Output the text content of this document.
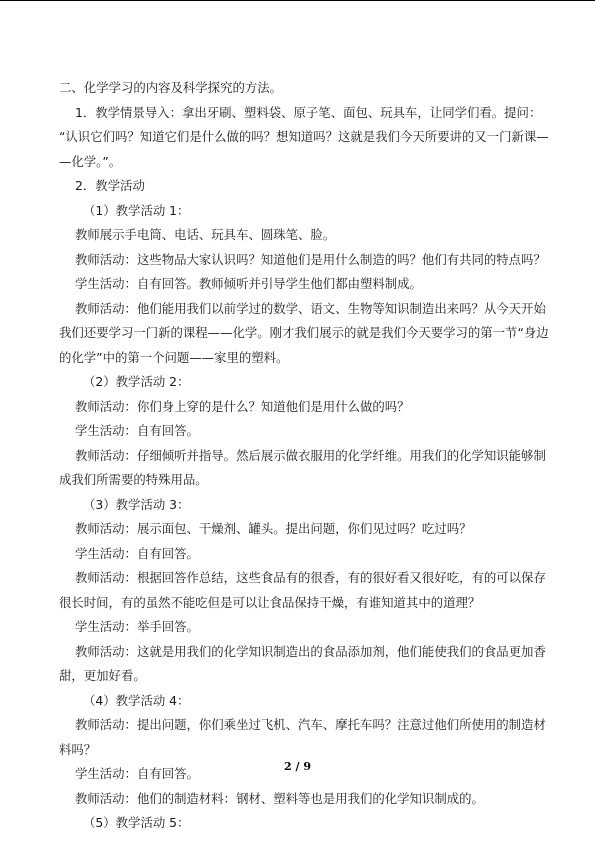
二、化学学习的内容及科学探究的方法。
1．教学情景导入：拿出牙刷、塑料袋、原子笔、面包、玩具车，让同学们看。提问：
“认识它们吗？知道它们是什么做的吗？想知道吗？这就是我们今天所要讲的又一门新课—
—化学。”。
2．教学活动
（1）教学活动 1：
教师展示手电筒、电话、玩具车、圆珠笔、脸。
教师活动：这些物品大家认识吗？知道他们是用什么制造的吗？他们有共同的特点吗？
学生活动：自有回答。教师倾听并引导学生他们都由塑料制成。
教师活动：他们能用我们以前学过的数学、语文、生物等知识制造出来吗？从今天开始
我们还要学习一门新的课程——化学。刚才我们展示的就是我们今天要学习的第一节“身边
的化学”中的第一个问题——家里的塑料。
（2）教学活动 2：
教师活动：你们身上穿的是什么？知道他们是用什么做的吗？
学生活动：自有回答。
教师活动：仔细倾听并指导。然后展示做衣服用的化学纤维。用我们的化学知识能够制
成我们所需要的特殊用品。
（3）教学活动 3：
教师活动：展示面包、干燥剂、罐头。提出问题，你们见过吗？吃过吗？
学生活动：自有回答。
教师活动：根据回答作总结，这些食品有的很香，有的很好看又很好吃，有的可以保存
很长时间，有的虽然不能吃但是可以让食品保持干燥，有谁知道其中的道理？
学生活动：举手回答。
教师活动：这就是用我们的化学知识制造出的食品添加剂，他们能使我们的食品更加香
甜，更加好看。
（4）教学活动 4：
教师活动：提出问题，你们乘坐过飞机、汽车、摩托车吗？注意过他们所使用的制造材
料吗？
学生活动：自有回答。
教师活动：他们的制造材料：钢材、塑料等也是用我们的化学知识制成的。
（5）教学活动 5：
2 / 9
